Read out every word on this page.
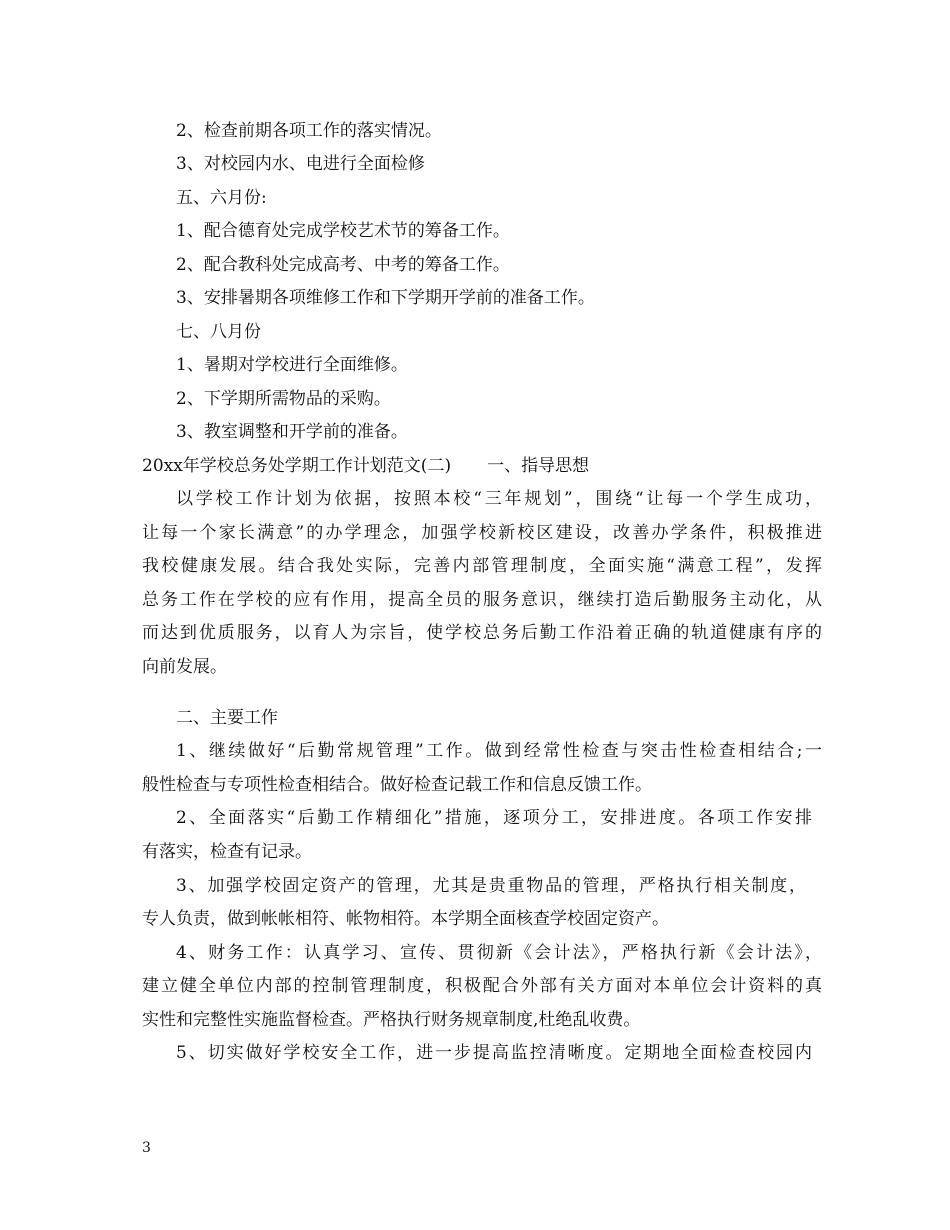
2、检查前期各项工作的落实情况。
3、对校园内水、电进行全面检修
五、六月份:
1、配合德育处完成学校艺术节的筹备工作。
2、配合教科处完成高考、中考的筹备工作。
3、安排暑期各项维修工作和下学期开学前的准备工作。
七、八月份
1、暑期对学校进行全面维修。
2、下学期所需物品的采购。
3、教室调整和开学前的准备。
20xx年学校总务处学期工作计划范文(二) 一、指导思想
以学校工作计划为依据，按照本校“三年规划”，围绕“让每一个学生成功，
让每一个家长满意”的办学理念，加强学校新校区建设，改善办学条件，积极推进
我校健康发展。结合我处实际，完善内部管理制度，全面实施“满意工程”，发挥
总务工作在学校的应有作用，提高全员的服务意识，继续打造后勤服务主动化，从
而达到优质服务，以育人为宗旨，使学校总务后勤工作沿着正确的轨道健康有序的
向前发展。
二、主要工作
1、继续做好“后勤常规管理”工作。做到经常性检查与突击性检查相结合;一
般性检查与专项性检查相结合。做好检查记载工作和信息反馈工作。
2、全面落实“后勤工作精细化”措施，逐项分工，安排进度。各项工作安排
有落实，检查有记录。
3、加强学校固定资产的管理，尤其是贵重物品的管理，严格执行相关制度，
专人负责，做到帐帐相符、帐物相符。本学期全面核查学校固定资产。
4、财务工作：认真学习、宣传、贯彻新《会计法》，严格执行新《会计法》，
建立健全单位内部的控制管理制度，积极配合外部有关方面对本单位会计资料的真
实性和完整性实施监督检查。严格执行财务规章制度,杜绝乱收费。
5、切实做好学校安全工作，进一步提高监控清晰度。定期地全面检查校园内
3
